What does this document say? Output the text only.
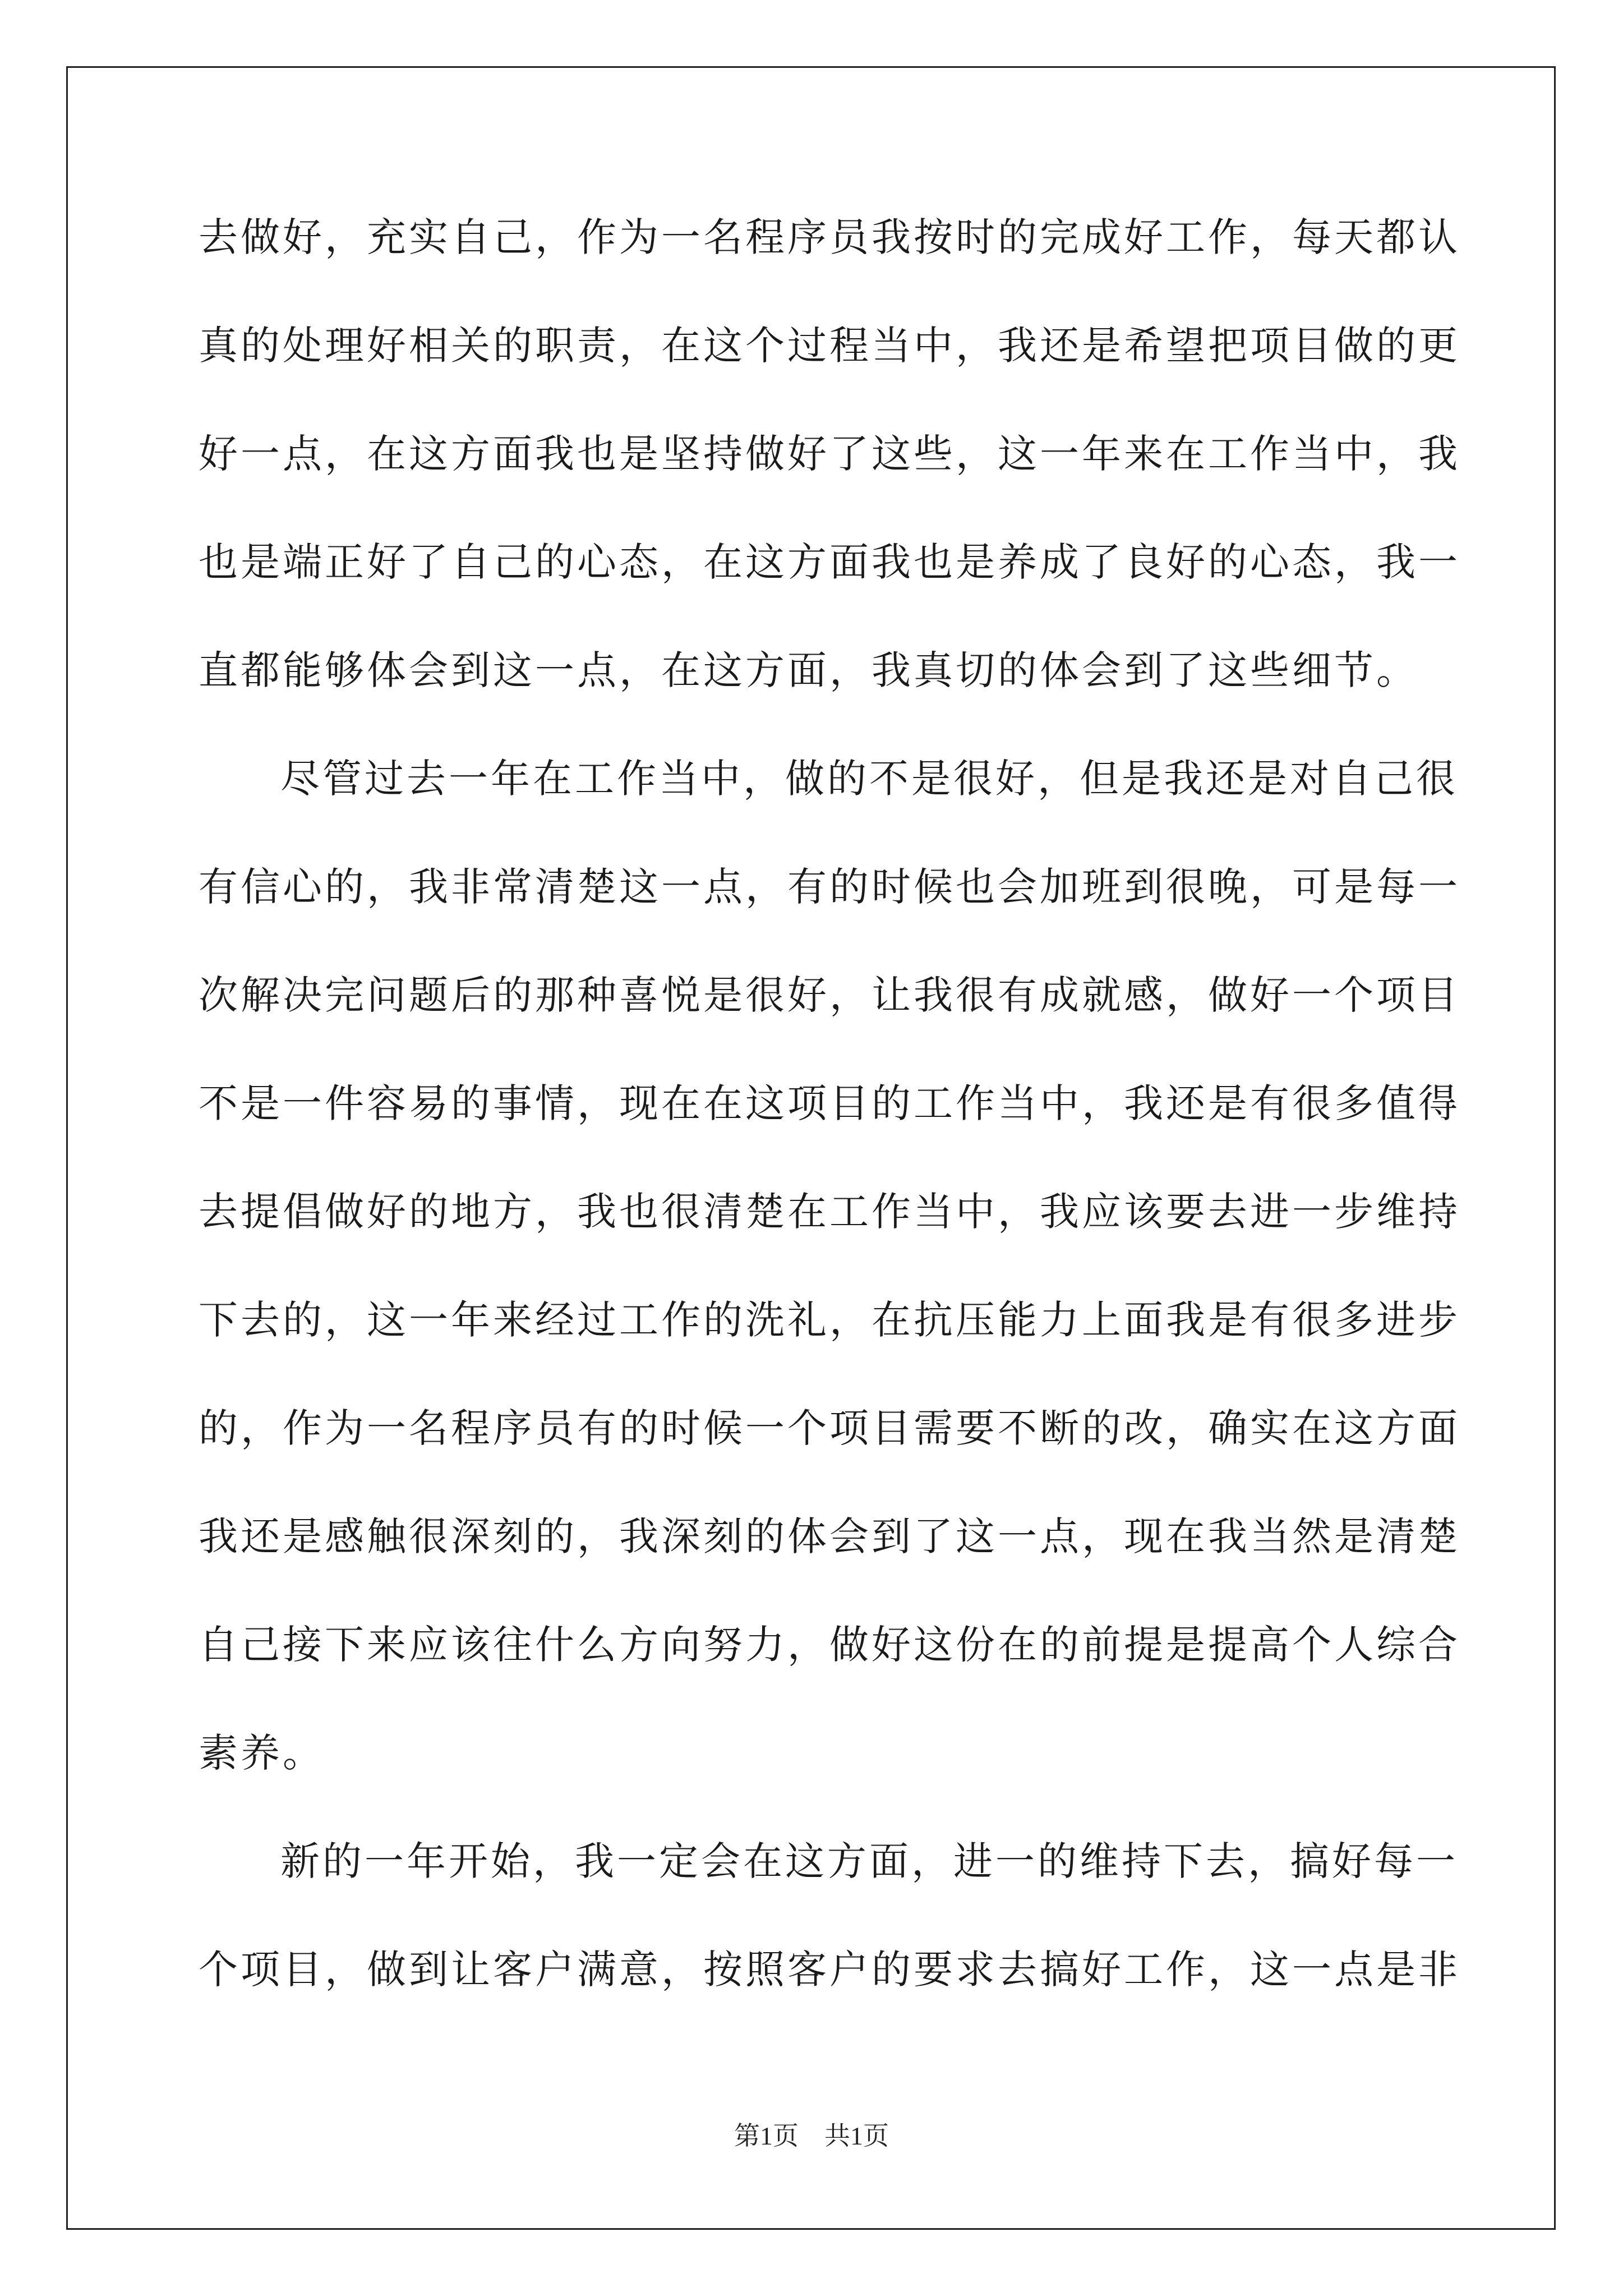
去做好，充实自己，作为一名程序员我按时的完成好工作，每天都认
真的处理好相关的职责，在这个过程当中，我还是希望把项目做的更
好一点，在这方面我也是坚持做好了这些，这一年来在工作当中，我
也是端正好了自己的心态，在这方面我也是养成了良好的心态，我一
直都能够体会到这一点，在这方面，我真切的体会到了这些细节。
尽管过去一年在工作当中，做的不是很好，但是我还是对自己很
有信心的，我非常清楚这一点，有的时候也会加班到很晚，可是每一
次解决完问题后的那种喜悦是很好，让我很有成就感，做好一个项目
不是一件容易的事情，现在在这项目的工作当中，我还是有很多值得
去提倡做好的地方，我也很清楚在工作当中，我应该要去进一步维持
下去的，这一年来经过工作的洗礼，在抗压能力上面我是有很多进步
的，作为一名程序员有的时候一个项目需要不断的改，确实在这方面
我还是感触很深刻的，我深刻的体会到了这一点，现在我当然是清楚
自己接下来应该往什么方向努力，做好这份在的前提是提高个人综合
素养。
新的一年开始，我一定会在这方面，进一的维持下去，搞好每一
个项目，做到让客户满意，按照客户的要求去搞好工作，这一点是非
第1页　共1页
